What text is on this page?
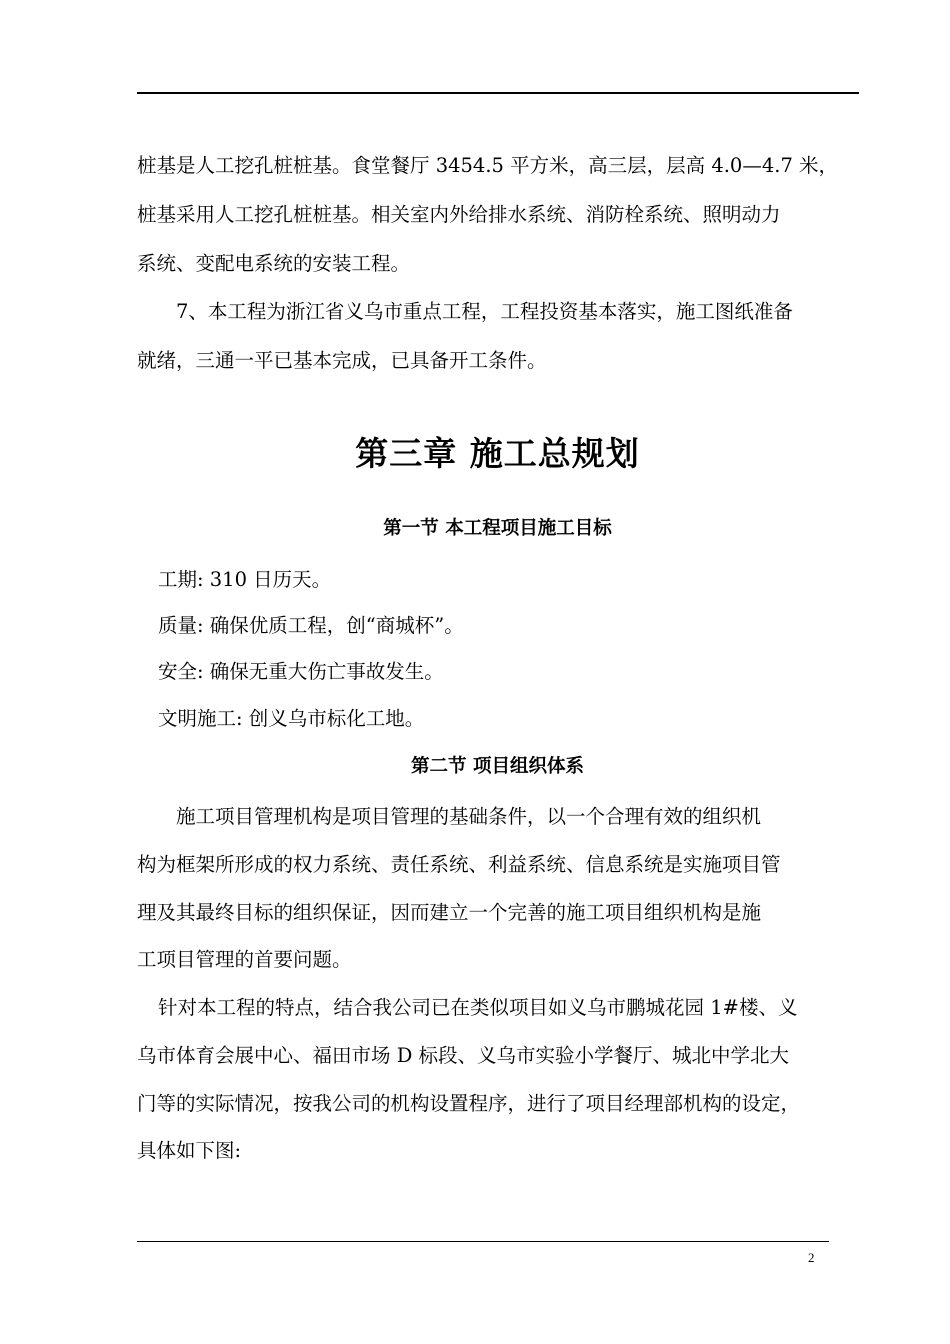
桩基是人工挖孔桩桩基。食堂餐厅 3454.5 平方米，高三层，层高 4.0—4.7 米，
桩基采用人工挖孔桩桩基。相关室内外给排水系统、消防栓系统、照明动力
系统、变配电系统的安装工程。
7、本工程为浙江省义乌市重点工程，工程投资基本落实，施工图纸准备
就绪，三通一平已基本完成，已具备开工条件。
第三章 施工总规划
第一节 本工程项目施工目标
工期: 310 日历天。
质量: 确保优质工程，创“商城杯”。
安全: 确保无重大伤亡事故发生。
文明施工: 创义乌市标化工地。
第二节 项目组织体系
施工项目管理机构是项目管理的基础条件，以一个合理有效的组织机
构为框架所形成的权力系统、责任系统、利益系统、信息系统是实施项目管
理及其最终目标的组织保证，因而建立一个完善的施工项目组织机构是施
工项目管理的首要问题。
针对本工程的特点，结合我公司已在类似项目如义乌市鹏城花园 1#楼、义
乌市体育会展中心、福田市场 D 标段、义乌市实验小学餐厅、城北中学北大
门等的实际情况，按我公司的机构设置程序，进行了项目经理部机构的设定，
具体如下图:
2
